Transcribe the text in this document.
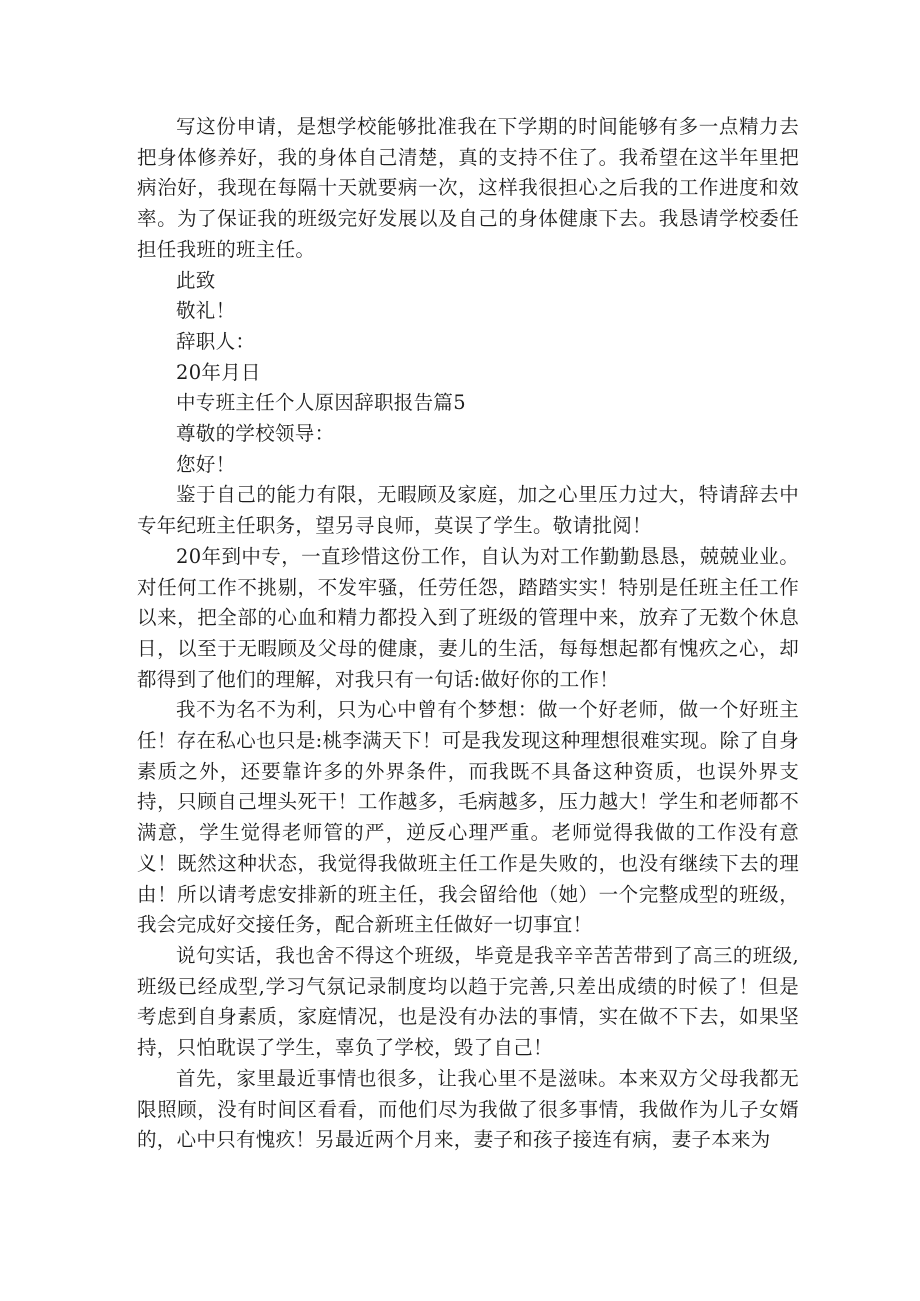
写这份申请，是想学校能够批准我在下学期的时间能够有多一点精力去把身体修养好，我的身体自己清楚，真的支持不住了。我希望在这半年里把病治好，我现在每隔十天就要病一次，这样我很担心之后我的工作进度和效率。为了保证我的班级完好发展以及自己的身体健康下去。我恳请学校委任担任我班的班主任。

此致

敬礼！

辞职人：

20年月日

中专班主任个人原因辞职报告篇5

尊敬的学校领导：

您好！

鉴于自己的能力有限，无暇顾及家庭，加之心里压力过大，特请辞去中专年纪班主任职务，望另寻良师，莫误了学生。敬请批阅！

20年到中专，一直珍惜这份工作，自认为对工作勤勤恳恳，兢兢业业。对任何工作不挑剔，不发牢骚，任劳任怨，踏踏实实！特别是任班主任工作以来，把全部的心血和精力都投入到了班级的管理中来，放弃了无数个休息日，以至于无暇顾及父母的健康，妻儿的生活，每每想起都有愧疚之心，却都得到了他们的理解，对我只有一句话:做好你的工作！

我不为名不为利，只为心中曾有个梦想：做一个好老师，做一个好班主任！存在私心也只是:桃李满天下！可是我发现这种理想很难实现。除了自身素质之外，还要靠许多的外界条件，而我既不具备这种资质，也误外界支持，只顾自己埋头死干！工作越多，毛病越多，压力越大！学生和老师都不满意，学生觉得老师管的严，逆反心理严重。老师觉得我做的工作没有意义！既然这种状态，我觉得我做班主任工作是失败的，也没有继续下去的理由！所以请考虑安排新的班主任，我会留给他（她）一个完整成型的班级，我会完成好交接任务，配合新班主任做好一切事宜！

说句实话，我也舍不得这个班级，毕竟是我辛辛苦苦带到了高三的班级,班级已经成型,学习气氛记录制度均以趋于完善,只差出成绩的时候了！但是考虑到自身素质，家庭情况，也是没有办法的事情，实在做不下去，如果坚持，只怕耽误了学生，辜负了学校，毁了自己！

首先，家里最近事情也很多，让我心里不是滋味。本来双方父母我都无限照顾，没有时间区看看，而他们尽为我做了很多事情，我做作为儿子女婿的，心中只有愧疚！另最近两个月来，妻子和孩子接连有病，妻子本来为
